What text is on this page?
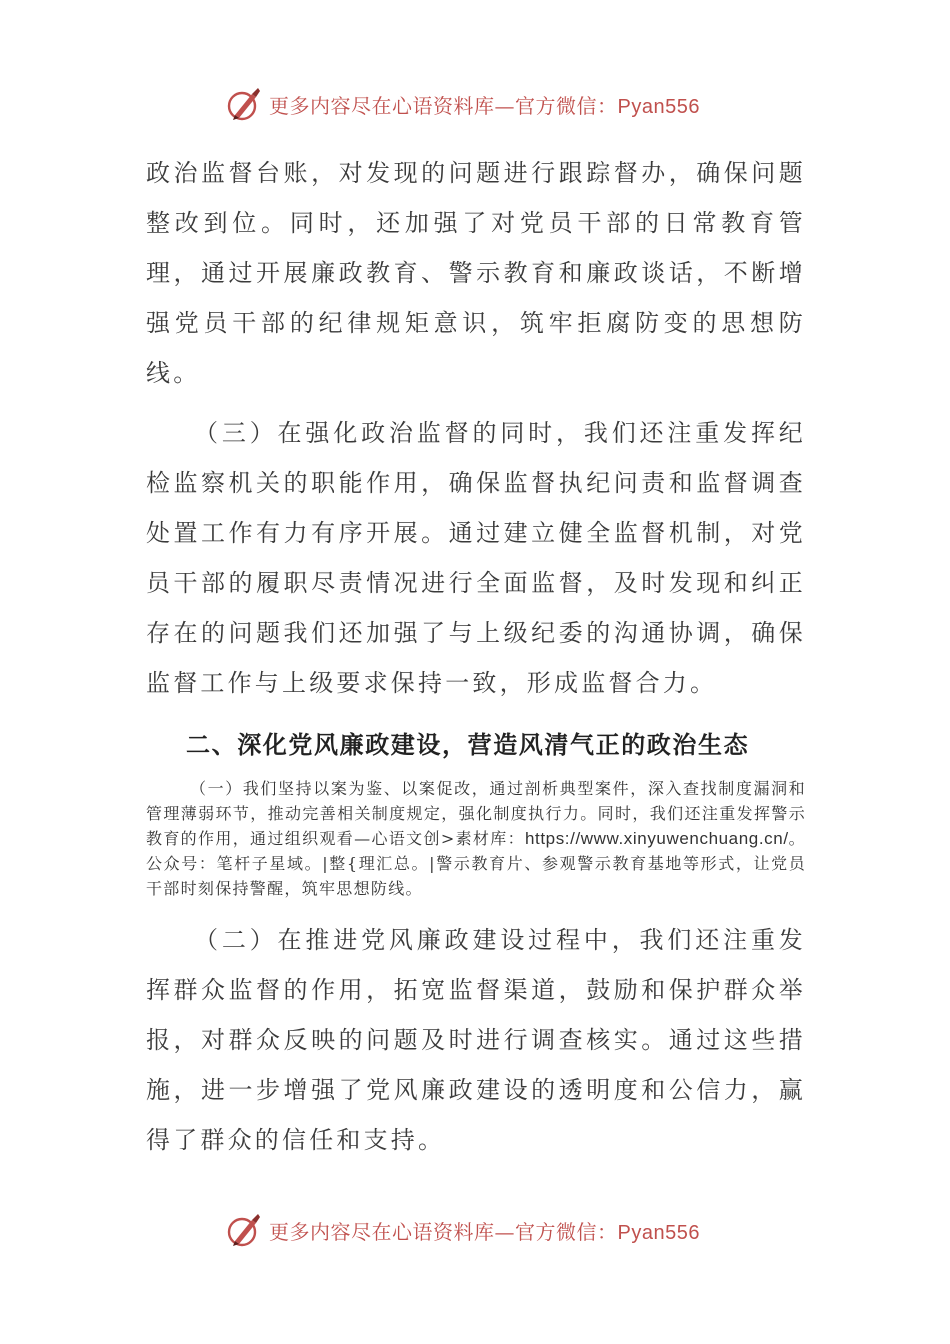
更多内容尽在心语资料库—官方微信：Pyan556

政治监督台账，对发现的问题进行跟踪督办，确保问题整改到位。同时，还加强了对党员干部的日常教育管理，通过开展廉政教育、警示教育和廉政谈话，不断增强党员干部的纪律规矩意识，筑牢拒腐防变的思想防线。

（三）在强化政治监督的同时，我们还注重发挥纪检监察机关的职能作用，确保监督执纪问责和监督调查处置工作有力有序开展。通过建立健全监督机制，对党员干部的履职尽责情况进行全面监督，及时发现和纠正存在的问题我们还加强了与上级纪委的沟通协调，确保监督工作与上级要求保持一致，形成监督合力。

二、深化党风廉政建设，营造风清气正的政治生态

（一）我们坚持以案为鉴、以案促改，通过剖析典型案件，深入查找制度漏洞和管理薄弱环节，推动完善相关制度规定，强化制度执行力。同时，我们还注重发挥警示教育的作用，通过组织观看—心语文创>素材库：https://www.xinyuwenchuang.cn/。公众号：笔杆子星域。|整{理汇总。|警示教育片、参观警示教育基地等形式，让党员干部时刻保持警醒，筑牢思想防线。

（二）在推进党风廉政建设过程中，我们还注重发挥群众监督的作用，拓宽监督渠道，鼓励和保护群众举报，对群众反映的问题及时进行调查核实。通过这些措施，进一步增强了党风廉政建设的透明度和公信力，赢得了群众的信任和支持。

更多内容尽在心语资料库—官方微信：Pyan556
